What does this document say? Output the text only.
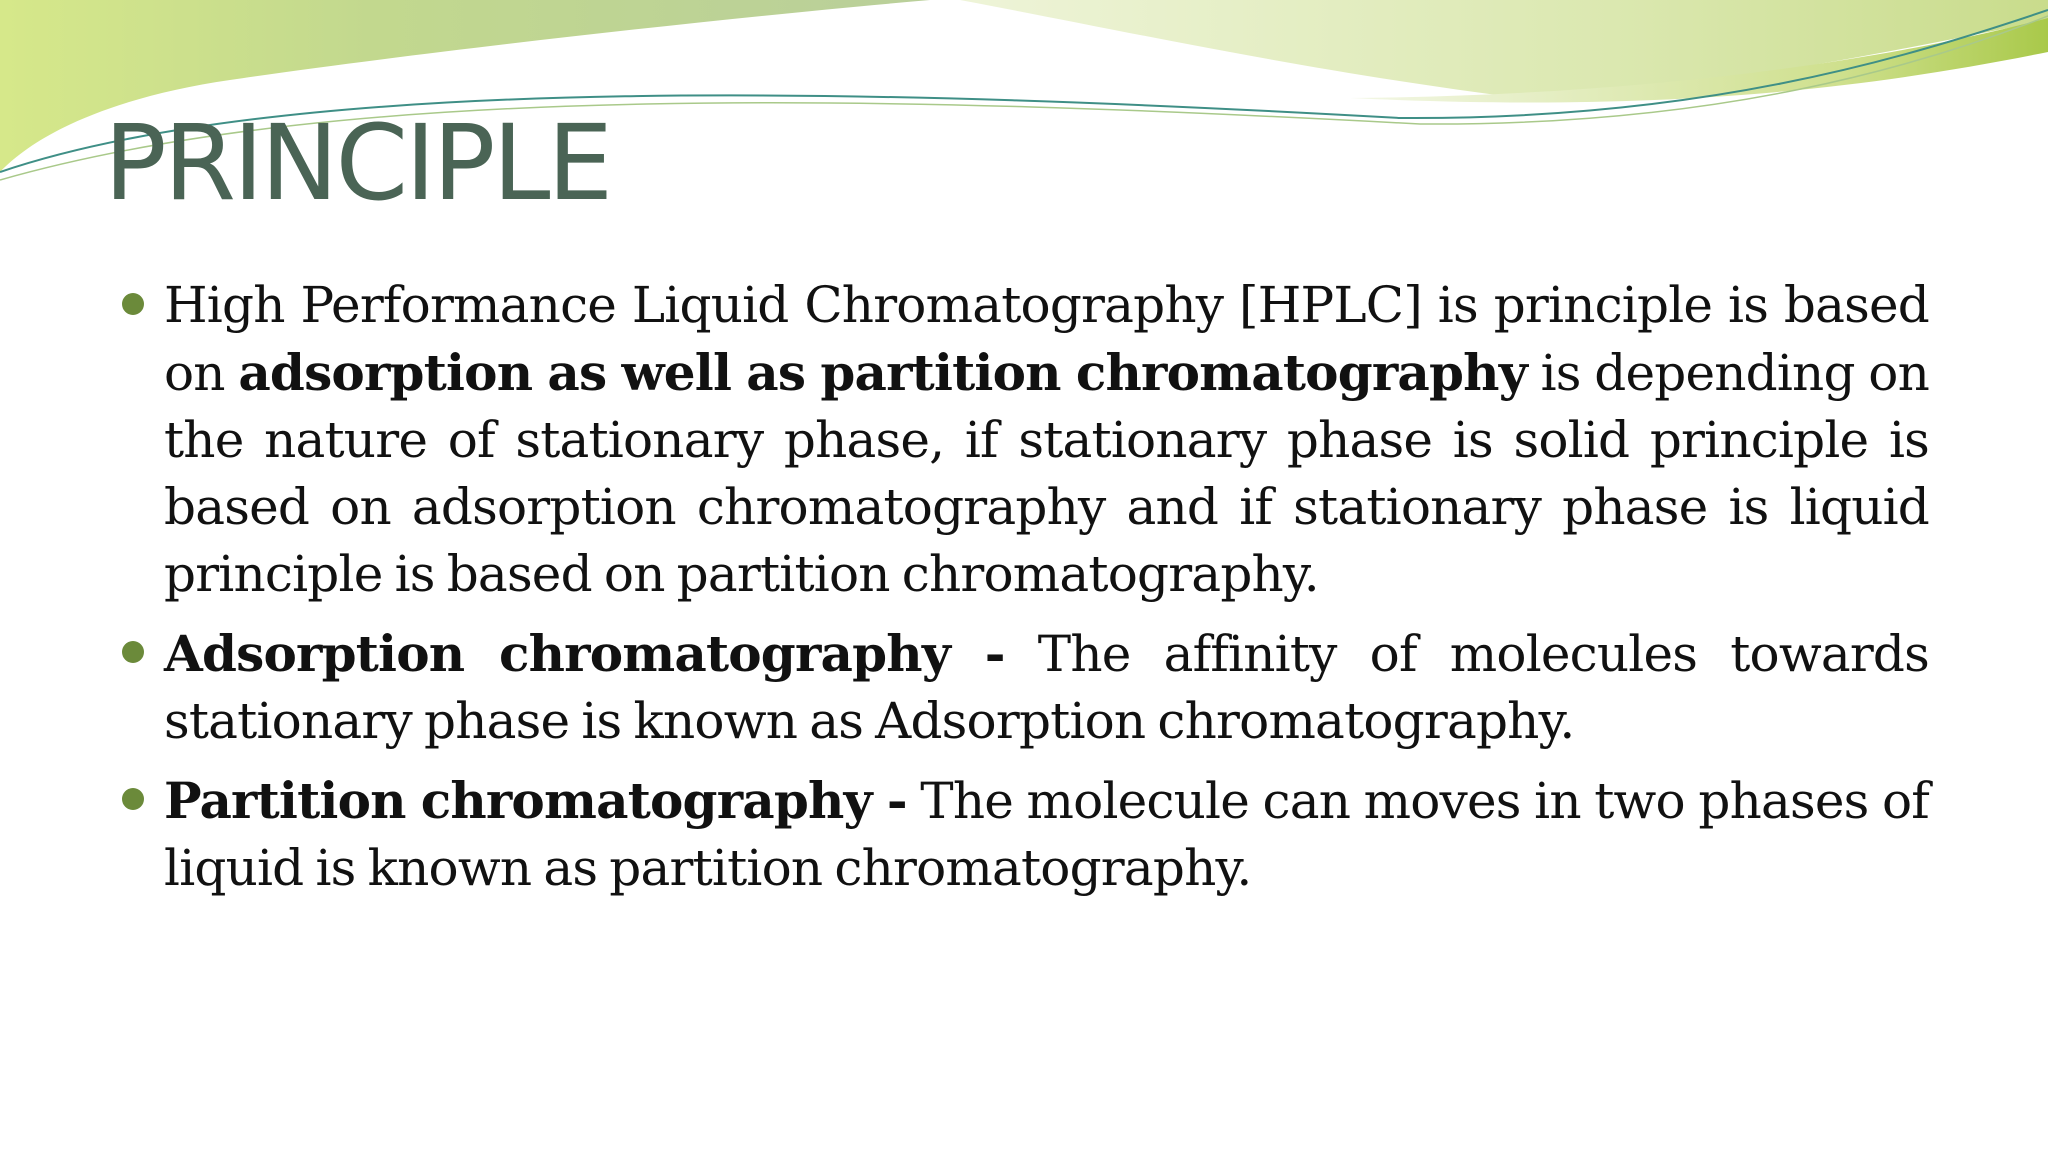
PRINCIPLE
High Performance Liquid Chromatography [HPLC] is principle is based on adsorption as well as partition chromatography is depending on the nature of stationary phase, if stationary phase is solid principle is based on adsorption chromatography and if stationary phase is liquid principle is based on partition chromatography.
Adsorption chromatography - The affinity of molecules towards stationary phase is known as Adsorption chromatography.
Partition chromatography - The molecule can moves in two phases of liquid is known as partition chromatography.
